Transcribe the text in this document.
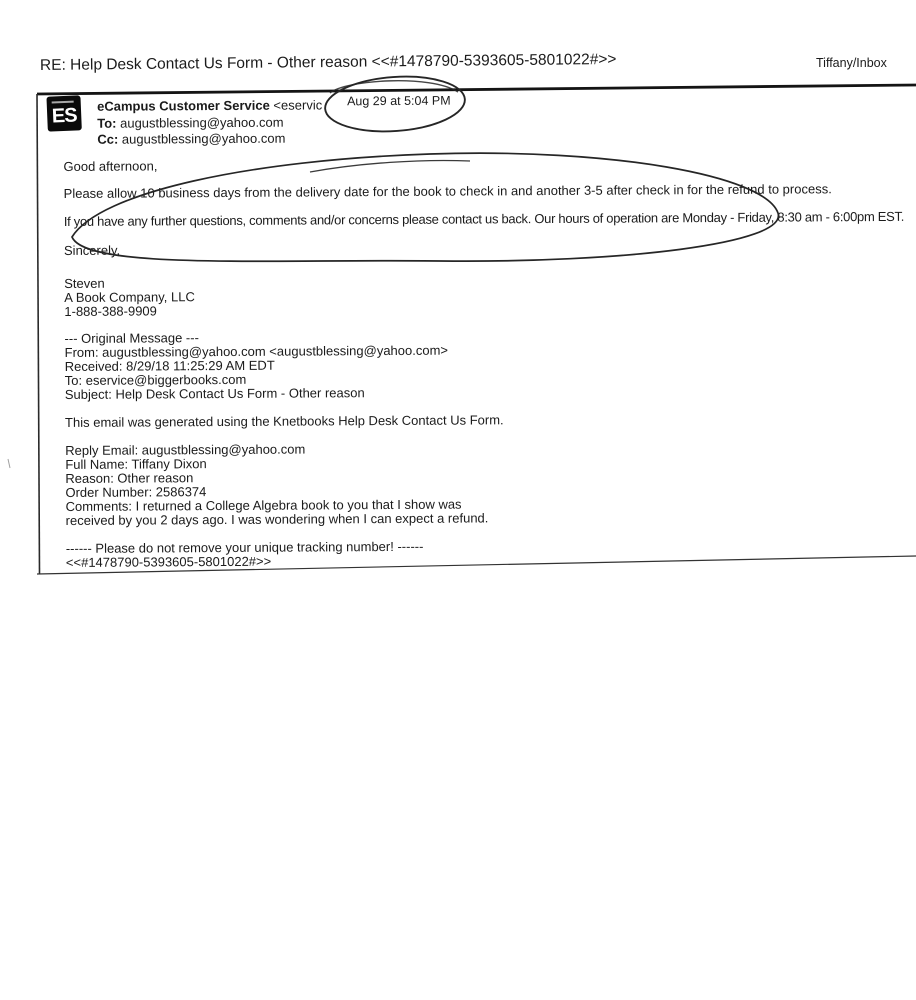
RE: Help Desk Contact Us Form - Other reason <<#1478790-5393605-5801022#>>	Tiffany/Inbox
ES	eCampus Customer Service <eservic
To: augustblessing@yahoo.com
Cc: augustblessing@yahoo.com
Aug 29 at 5:04 PM
Good afternoon,
Please allow 10 business days from the delivery date for the book to check in and another 3-5 after check in for the refund to process.
If you have any further questions, comments and/or concerns please contact us back. Our hours of operation are Monday - Friday, 8:30 am - 6:00pm EST.
Sincerely,
Steven
A Book Company, LLC
1-888-388-9909
--- Original Message ---
From: augustblessing@yahoo.com <augustblessing@yahoo.com>
Received: 8/29/18 11:25:29 AM EDT
To: eservice@biggerbooks.com
Subject: Help Desk Contact Us Form - Other reason
This email was generated using the Knetbooks Help Desk Contact Us Form.
Reply Email: augustblessing@yahoo.com
Full Name: Tiffany Dixon
Reason: Other reason
Order Number: 2586374
Comments: I returned a College Algebra book to you that I show was
received by you 2 days ago. I was wondering when I can expect a refund.
------ Please do not remove your unique tracking number! ------
<<#1478790-5393605-5801022#>>
